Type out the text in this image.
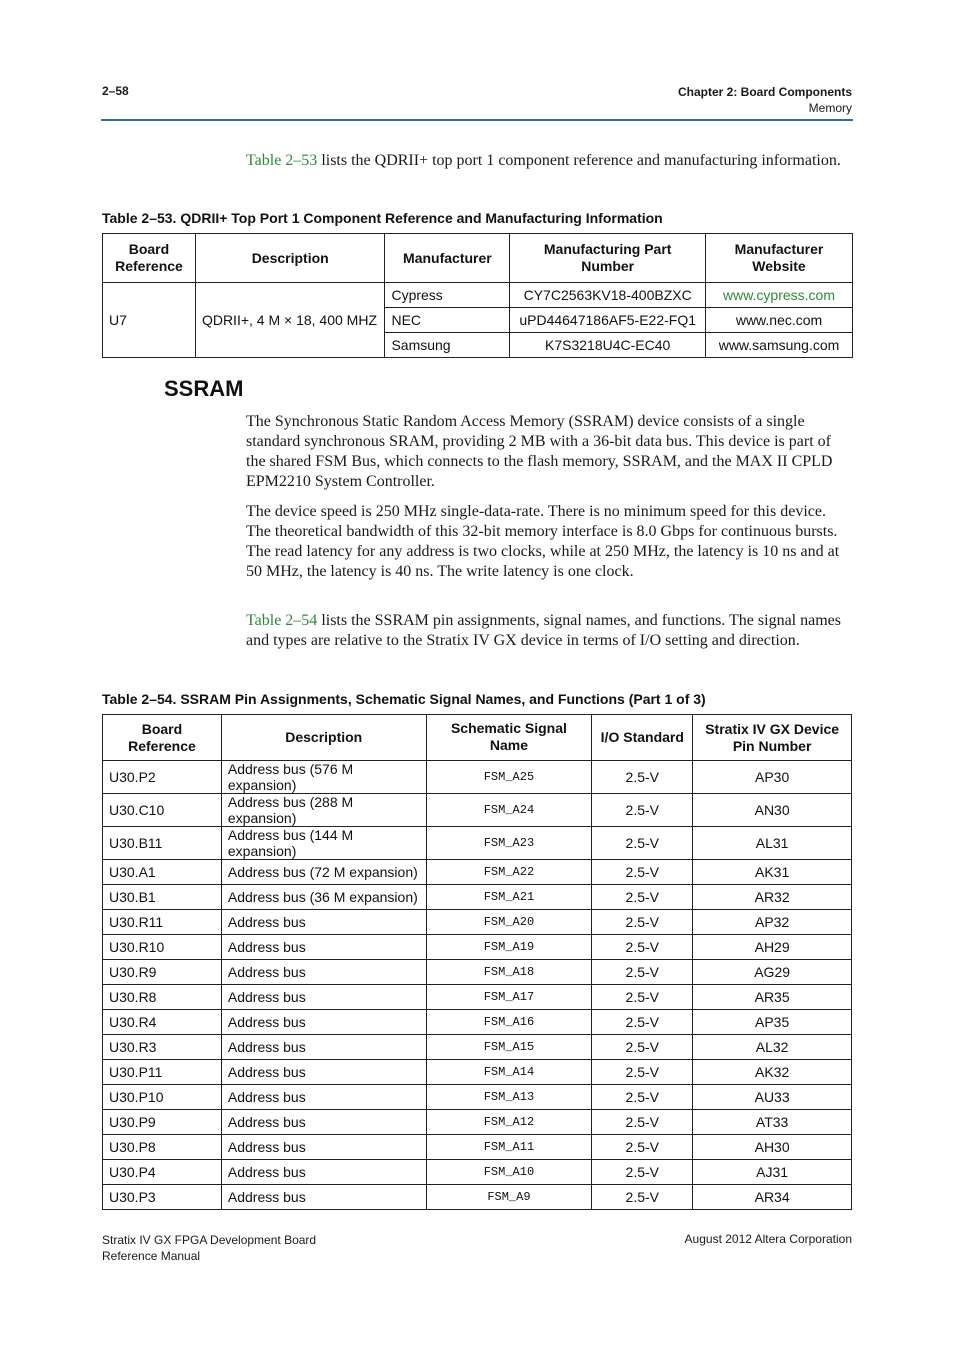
2–58	Chapter 2: Board Components
Memory
Table 2–53 lists the QDRII+ top port 1 component reference and manufacturing information.
Table 2–53. QDRII+ Top Port 1 Component Reference and Manufacturing Information
Board Reference	Description	Manufacturer	Manufacturing Part Number	Manufacturer Website
U7	QDRII+, 4 M × 18, 400 MHZ	Cypress	CY7C2563KV18-400BZXC	www.cypress.com
		NEC	uPD44647186AF5-E22-FQ1	www.nec.com
		Samsung	K7S3218U4C-EC40	www.samsung.com
SSRAM
The Synchronous Static Random Access Memory (SSRAM) device consists of a single standard synchronous SRAM, providing 2 MB with a 36-bit data bus. This device is part of the shared FSM Bus, which connects to the flash memory, SSRAM, and the MAX II CPLD EPM2210 System Controller.
The device speed is 250 MHz single-data-rate. There is no minimum speed for this device. The theoretical bandwidth of this 32-bit memory interface is 8.0 Gbps for continuous bursts. The read latency for any address is two clocks, while at 250 MHz, the latency is 10 ns and at 50 MHz, the latency is 40 ns. The write latency is one clock.
Table 2–54 lists the SSRAM pin assignments, signal names, and functions. The signal names and types are relative to the Stratix IV GX device in terms of I/O setting and direction.
Table 2–54. SSRAM Pin Assignments, Schematic Signal Names, and Functions (Part 1 of 3)
Board Reference	Description	Schematic Signal Name	I/O Standard	Stratix IV GX Device Pin Number
U30.P2	Address bus (576 M expansion)	FSM_A25	2.5-V	AP30
U30.C10	Address bus (288 M expansion)	FSM_A24	2.5-V	AN30
U30.B11	Address bus (144 M expansion)	FSM_A23	2.5-V	AL31
U30.A1	Address bus (72 M expansion)	FSM_A22	2.5-V	AK31
U30.B1	Address bus (36 M expansion)	FSM_A21	2.5-V	AR32
U30.R11	Address bus	FSM_A20	2.5-V	AP32
U30.R10	Address bus	FSM_A19	2.5-V	AH29
U30.R9	Address bus	FSM_A18	2.5-V	AG29
U30.R8	Address bus	FSM_A17	2.5-V	AR35
U30.R4	Address bus	FSM_A16	2.5-V	AP35
U30.R3	Address bus	FSM_A15	2.5-V	AL32
U30.P11	Address bus	FSM_A14	2.5-V	AK32
U30.P10	Address bus	FSM_A13	2.5-V	AU33
U30.P9	Address bus	FSM_A12	2.5-V	AT33
U30.P8	Address bus	FSM_A11	2.5-V	AH30
U30.P4	Address bus	FSM_A10	2.5-V	AJ31
U30.P3	Address bus	FSM_A9	2.5-V	AR34
Stratix IV GX FPGA Development Board
Reference Manual
August 2012 Altera Corporation
